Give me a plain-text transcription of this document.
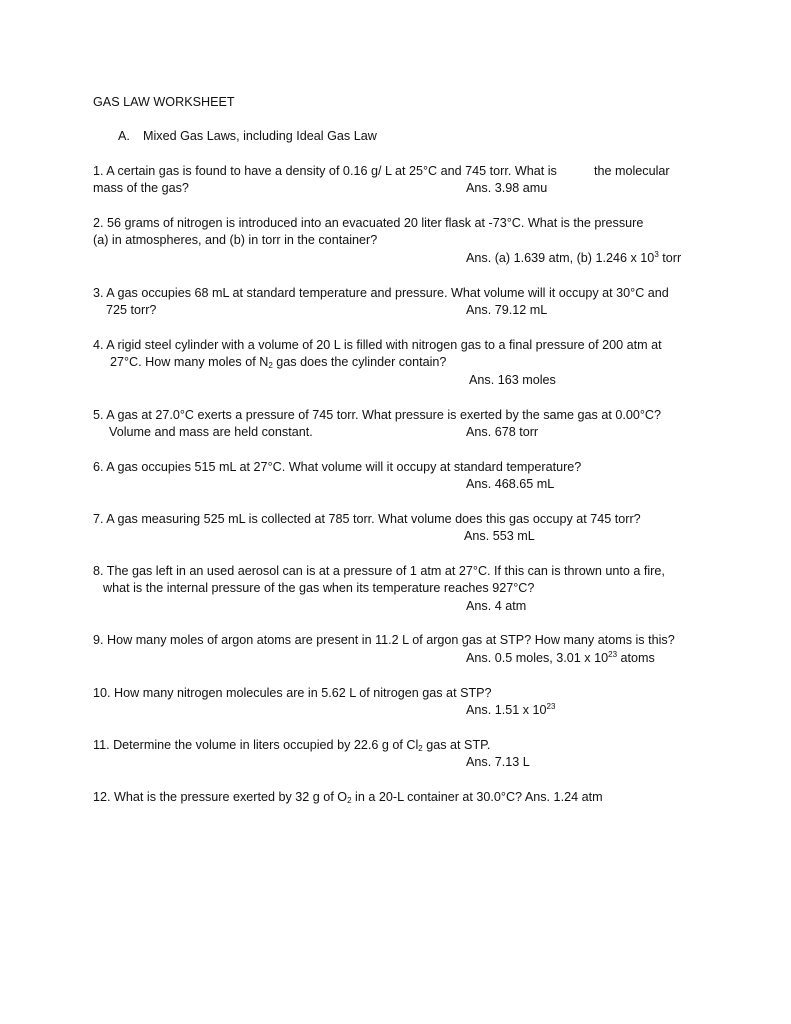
GAS LAW WORKSHEET
A. Mixed Gas Laws, including Ideal Gas Law
1. A certain gas is found to have a density of 0.16 g/ L at 25°C and 745 torr. What is	the molecular
mass of the gas?	Ans. 3.98 amu
2. 56 grams of nitrogen is introduced into an evacuated 20 liter flask at -73°C. What is the pressure
(a) in atmospheres, and (b) in torr in the container?
Ans. (a) 1.639 atm, (b) 1.246 x $10^3$ torr
3. A gas occupies 68 mL at standard temperature and pressure. What volume will it occupy at 30°C and
725 torr?	Ans. 79.12 mL
4. A rigid steel cylinder with a volume of 20 L is filled with nitrogen gas to a final pressure of 200 atm at
27°C. How many moles of $N_2$ gas does the cylinder contain?
Ans. 163 moles
5. A gas at 27.0°C exerts a pressure of 745 torr. What pressure is exerted by the same gas at 0.00°C?
Volume and mass are held constant.	Ans. 678 torr
6. A gas occupies 515 mL at 27°C. What volume will it occupy at standard temperature?
Ans. 468.65 mL
7. A gas measuring 525 mL is collected at 785 torr. What volume does this gas occupy at 745 torr?
Ans. 553 mL
8. The gas left in an used aerosol can is at a pressure of 1 atm at 27°C. If this can is thrown unto a fire,
what is the internal pressure of the gas when its temperature reaches 927°C?
Ans. 4 atm
9. How many moles of argon atoms are present in 11.2 L of argon gas at STP? How many atoms is this?
Ans. 0.5 moles, 3.01 x $10^{23}$ atoms
10. How many nitrogen molecules are in 5.62 L of nitrogen gas at STP?
Ans. 1.51 x $10^{23}$
11. Determine the volume in liters occupied by 22.6 g of $Cl_2$ gas at STP.
Ans. 7.13 L
12. What is the pressure exerted by 32 g of $O_2$ in a 20-L container at 30.0°C? Ans. 1.24 atm
